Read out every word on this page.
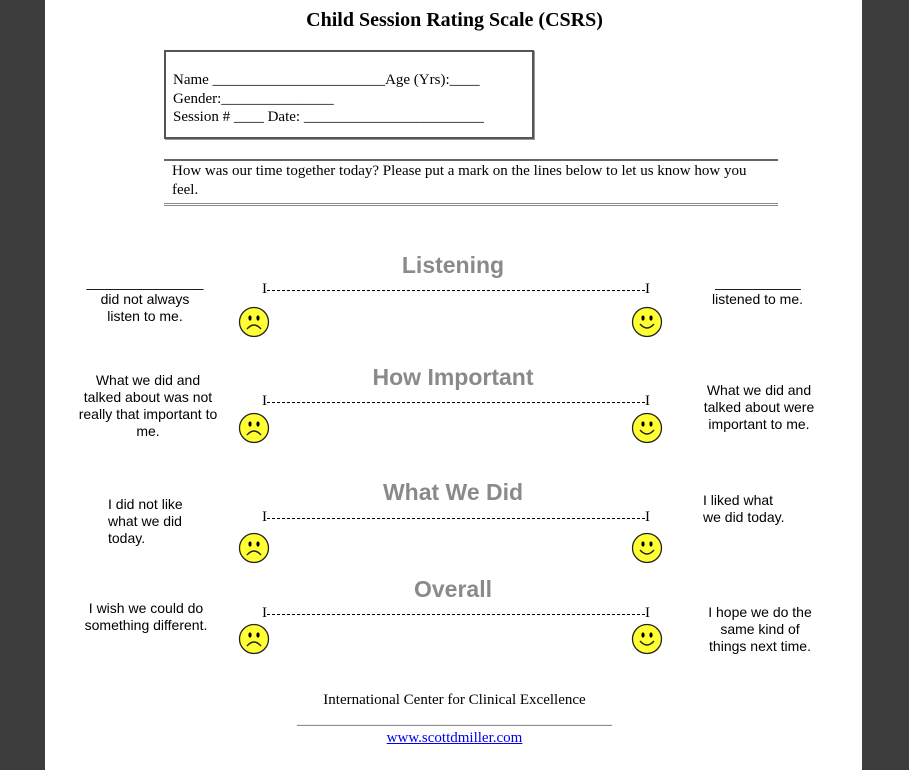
Child Session Rating Scale (CSRS)
Name _______________________Age (Yrs):____
Gender:_______________
Session # ____ Date: ________________________
How was our time together today? Please put a mark on the lines below to let us know how you feel.
Listening
_______________
did not always listen to me.
___________
listened to me.
I	I
How Important
What we did and talked about was not really that important to me.
What we did and talked about were important to me.
I	I
What We Did
I did not like what we did today.
I liked what we did today.
I	I
Overall
I wish we could do something different.
I hope we do the same kind of things next time.
I	I
International Center for Clinical Excellence
__________________________________________
www.scottdmiller.com
